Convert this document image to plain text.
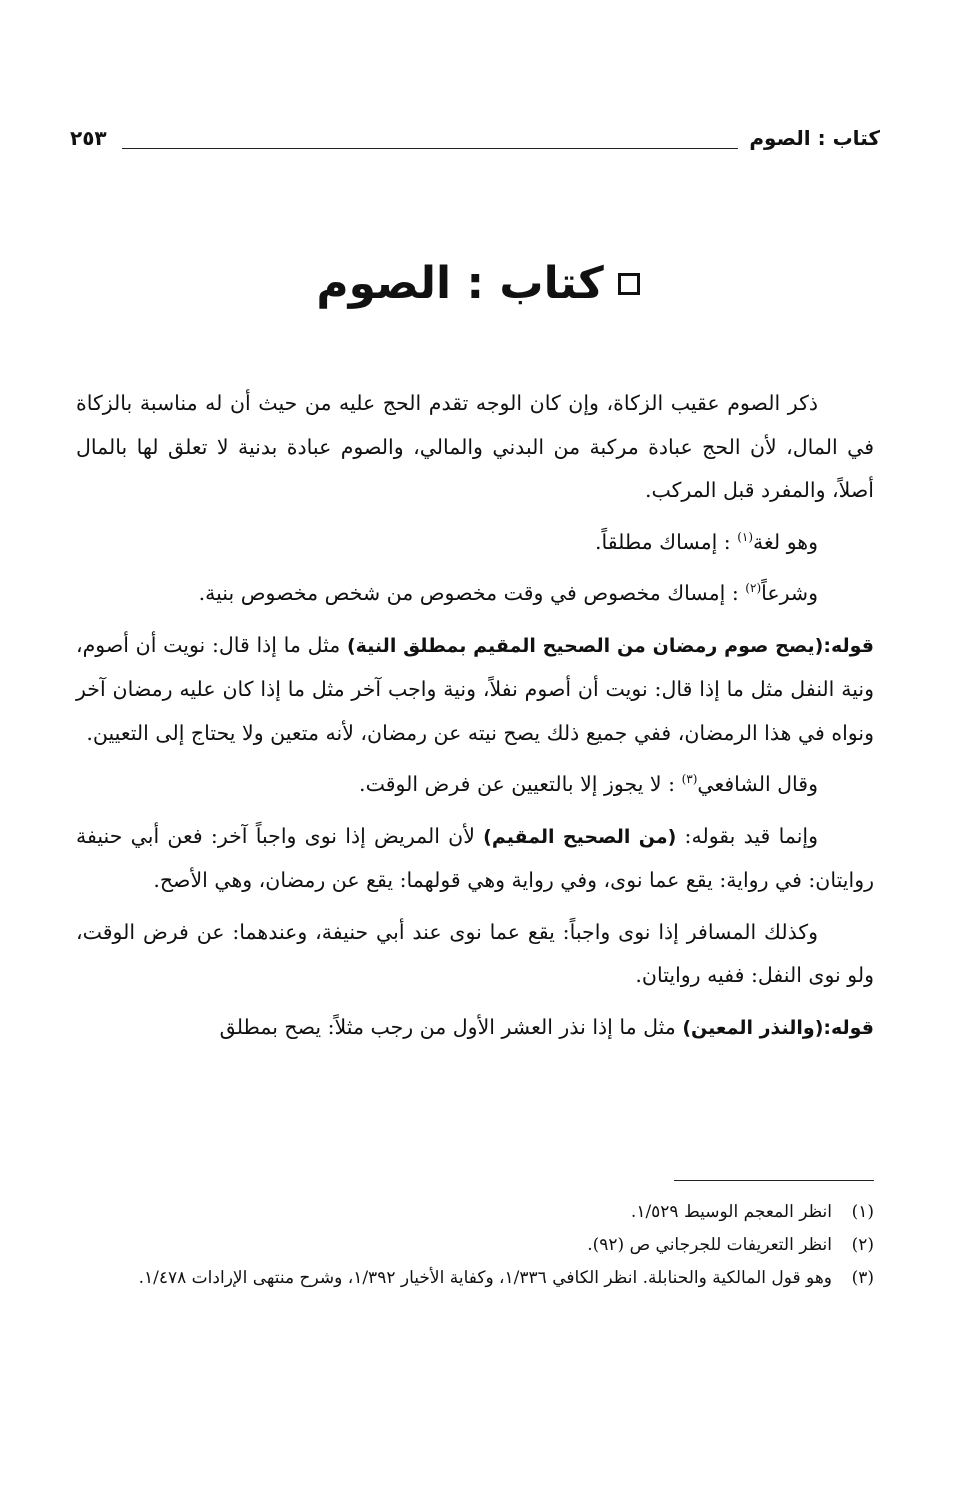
كتاب : الصوم
٢٥٣
كتاب : الصوم

ذكر الصوم عقيب الزكاة، وإن كان الوجه تقدم الحج عليه من حيث أن له مناسبة بالزكاة في المال، لأن الحج عبادة مركبة من البدني والمالي، والصوم عبادة بدنية لا تعلق لها بالمال أصلاً، والمفرد قبل المركب.

وهو لغة$^{(١)}$ : إمساك مطلقاً.

وشرعاً$^{(٢)}$ : إمساك مخصوص في وقت مخصوص من شخص مخصوص بنية.

قوله:(يصح صوم رمضان من الصحيح المقيم بمطلق النية) مثل ما إذا قال: نويت أن أصوم، ونية النفل مثل ما إذا قال: نويت أن أصوم نفلاً، ونية واجب آخر مثل ما إذا كان عليه رمضان آخر ونواه في هذا الرمضان، ففي جميع ذلك يصح نيته عن رمضان، لأنه متعين ولا يحتاج إلى التعيين.

وقال الشافعي$^{(٣)}$ : لا يجوز إلا بالتعيين عن فرض الوقت.

وإنما قيد بقوله: (من الصحيح المقيم) لأن المريض إذا نوى واجباً آخر: فعن أبي حنيفة روايتان: في رواية: يقع عما نوى، وفي رواية وهي قولهما: يقع عن رمضان، وهي الأصح.

وكذلك المسافر إذا نوى واجباً: يقع عما نوى عند أبي حنيفة، وعندهما: عن فرض الوقت، ولو نوى النفل: ففيه روايتان.

قوله:(والنذر المعين) مثل ما إذا نذر العشر الأول من رجب مثلاً: يصح بمطلق

(١)
انظر المعجم الوسيط ١/٥٢٩.
(٢)
انظر التعريفات للجرجاني ص (٩٢).
(٣)
وهو قول المالكية والحنابلة. انظر الكافي ١/٣٣٦، وكفاية الأخيار ١/٣٩٢، وشرح منتهى الإرادات ١/٤٧٨.
